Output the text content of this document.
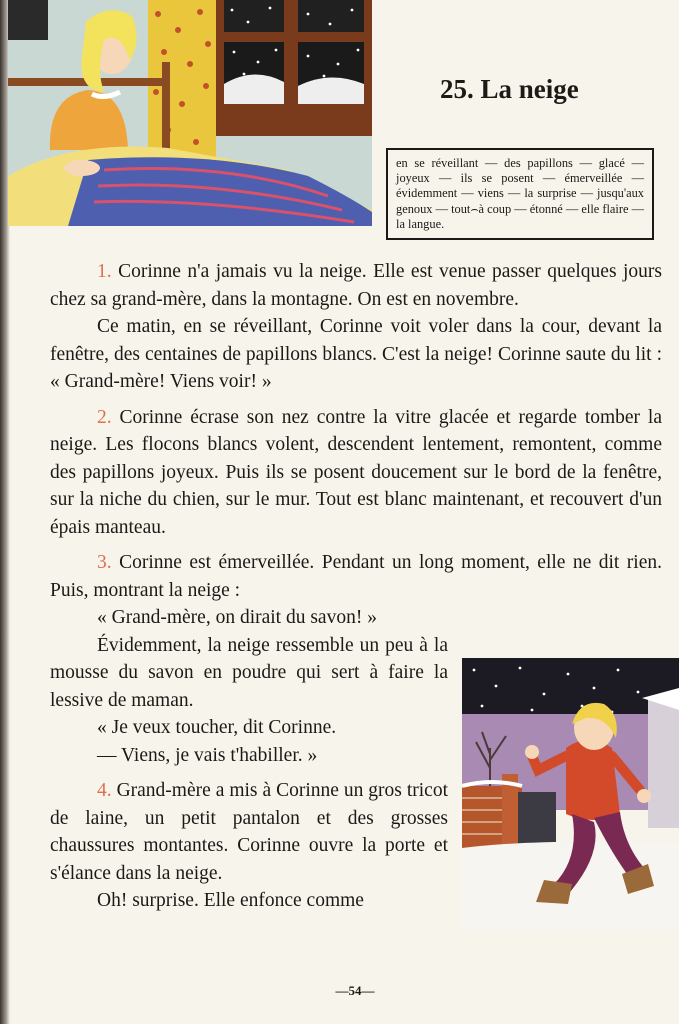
25. La neige
en se réveillant — des papillons — glacé — joyeux — ils se posent — émerveillée — évidemment — viens — la surprise — jusqu'aux genoux — tout⌢à coup — étonné — elle flaire — la langue.

1. Corinne n'a jamais vu la neige. Elle est venue passer quelques jours chez sa grand-mère, dans la montagne. On est en novembre.

Ce matin, en se réveillant, Corinne voit voler dans la cour, devant la fenêtre, des centaines de papillons blancs. C'est la neige! Corinne saute du lit : « Grand-mère! Viens voir! »

2. Corinne écrase son nez contre la vitre glacée et regarde tomber la neige. Les flocons blancs volent, descendent lentement, remontent, comme des papillons joyeux. Puis ils se posent doucement sur le bord de la fenêtre, sur la niche du chien, sur le mur. Tout est blanc maintenant, et recouvert d'un épais manteau.

3. Corinne est émerveillée. Pendant un long moment, elle ne dit rien. Puis, montrant la neige :

« Grand-mère, on dirait du savon! »

Évidemment, la neige ressemble un peu à la mousse du savon en poudre qui sert à faire la lessive de maman.

« Je veux toucher, dit Corinne.

— Viens, je vais t'habiller. »

4. Grand-mère a mis à Corinne un gros tricot de laine, un petit pantalon et des grosses chaussures montantes. Corinne ouvre la porte et s'élance dans la neige.

Oh! surprise. Elle enfonce comme

—54—
